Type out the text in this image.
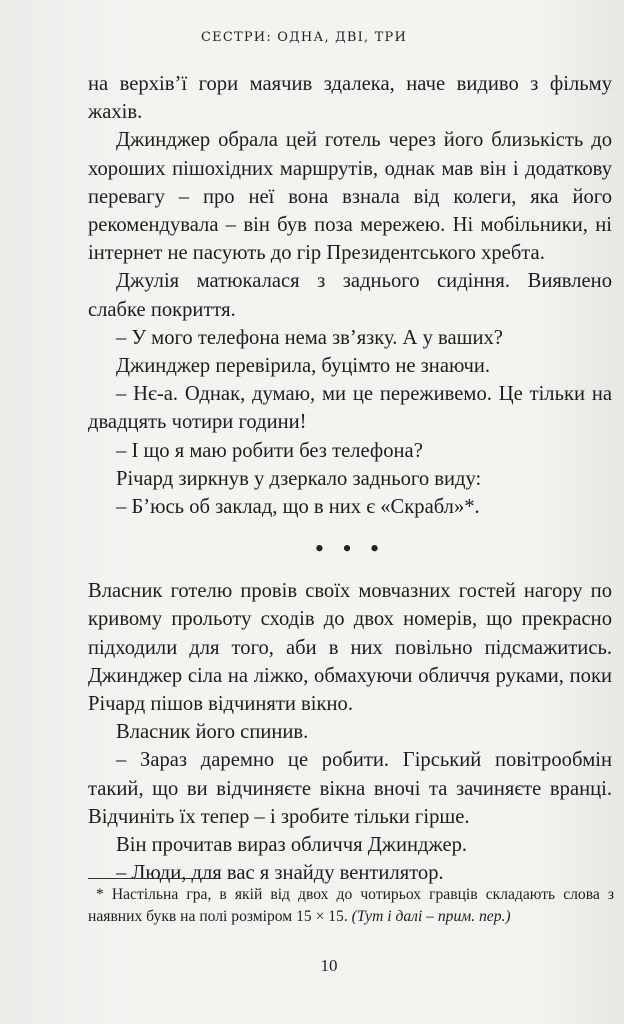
СЕСТРИ: ОДНА, ДВІ, ТРИ

на верхів’ї гори маячив здалека, наче видиво з фільму жахів.

Джинджер обрала цей готель через його близькість до хороших пішохідних маршрутів, однак мав він і додаткову перевагу – про неї вона взнала від колеги, яка його рекомендувала – він був поза мережею. Ні мобільники, ні інтернет не пасують до гір Президентського хребта.

Джулія матюкалася з заднього сидіння. Виявлено слабке покриття.

– У мого телефона нема зв’язку. А у ваших?

Джинджер перевірила, буцімто не знаючи.

– Нє-а. Однак, думаю, ми це переживемо. Це тільки на двадцять чотири години!

– І що я маю робити без телефона?

Річард зиркнув у дзеркало заднього виду:

– Б’юсь об заклад, що в них є «Скрабл»*.

• • •

Власник готелю провів своїх мовчазних гостей нагору по кривому прольоту сходів до двох номерів, що прекрасно підходили для того, аби в них повільно підсмажитись. Джинджер сіла на ліжко, обмахуючи обличчя руками, поки Річард пішов відчиняти вікно.

Власник його спинив.

– Зараз даремно це робити. Гірський повітрообмін такий, що ви відчиняєте вікна вночі та зачиняєте вранці. Відчиніть їх тепер – і зробите тільки гірше.

Він прочитав вираз обличчя Джинджер.

– Люди, для вас я знайду вентилятор.

* Настільна гра, в якій від двох до чотирьох гравців складають слова з наявних букв на полі розміром 15 × 15. (Тут і далі – прим. пер.)
10
